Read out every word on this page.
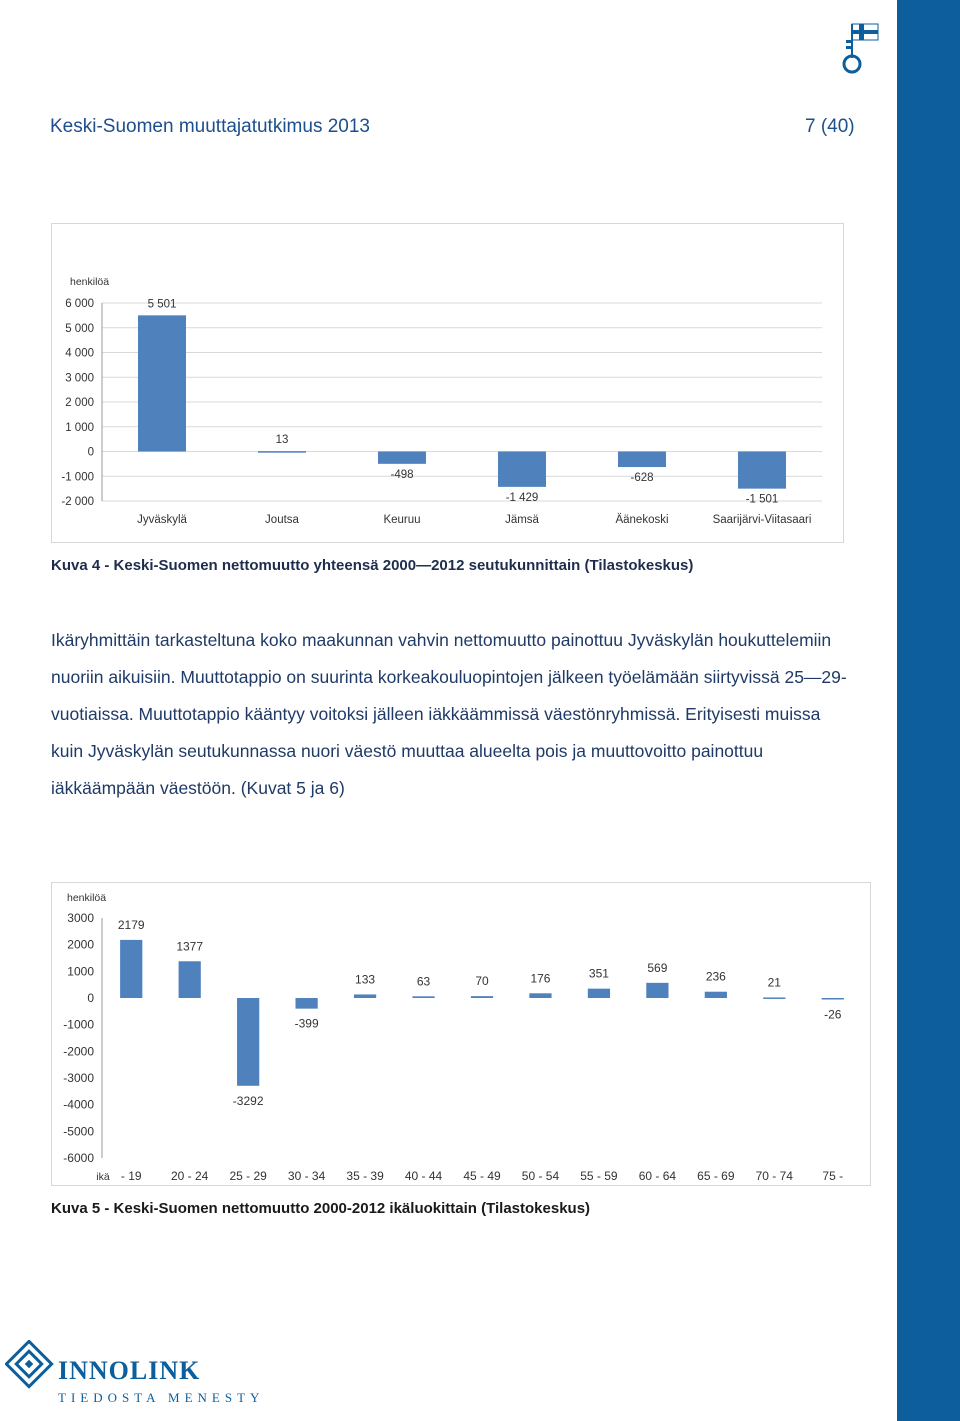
Keski-Suomen muuttajatutkimus 2013	7 (40)
henkilöä
6 000
5 000
4 000
3 000
2 000
1 000
0
-1 000
-2 000
5 501
Jyväskylä
13
Joutsa
-498
Keuruu
-1 429
Jämsä
-628
Äänekoski
-1 501
Saarijärvi-Viitasaari
Kuva 4 - Keski-Suomen nettomuutto yhteensä 2000—2012 seutukunnittain (Tilastokeskus)
Ikäryhmittäin tarkasteltuna koko maakunnan vahvin nettomuutto painottuu Jyväskylän houkuttelemiin nuoriin aikuisiin. Muuttotappio on suurinta korkeakouluopintojen jälkeen työelämään siirtyvissä 25—29-vuotiaissa. Muuttotappio kääntyy voitoksi jälleen iäkkäämmissä väestönryhmissä. Erityisesti muissa kuin Jyväskylän seutukunnassa nuori väestö muuttaa alueelta pois ja muuttovoitto painottuu iäkkäämpään väestöön. (Kuvat 5 ja 6)
henkilöä
3000
2000
1000
0
-1000
-2000
-3000
-4000
-5000
-6000
2179
- 19
1377
20 - 24
-3292
25 - 29
-399
30 - 34
133
35 - 39
63
40 - 44
70
45 - 49
176
50 - 54
351
55 - 59
569
60 - 64
236
65 - 69
21
70 - 74
-26
75 -
ikä
Kuva 5 - Keski-Suomen nettomuutto 2000-2012 ikäluokittain (Tilastokeskus)
INNOLINK
TIEDOSTA MENESTY
